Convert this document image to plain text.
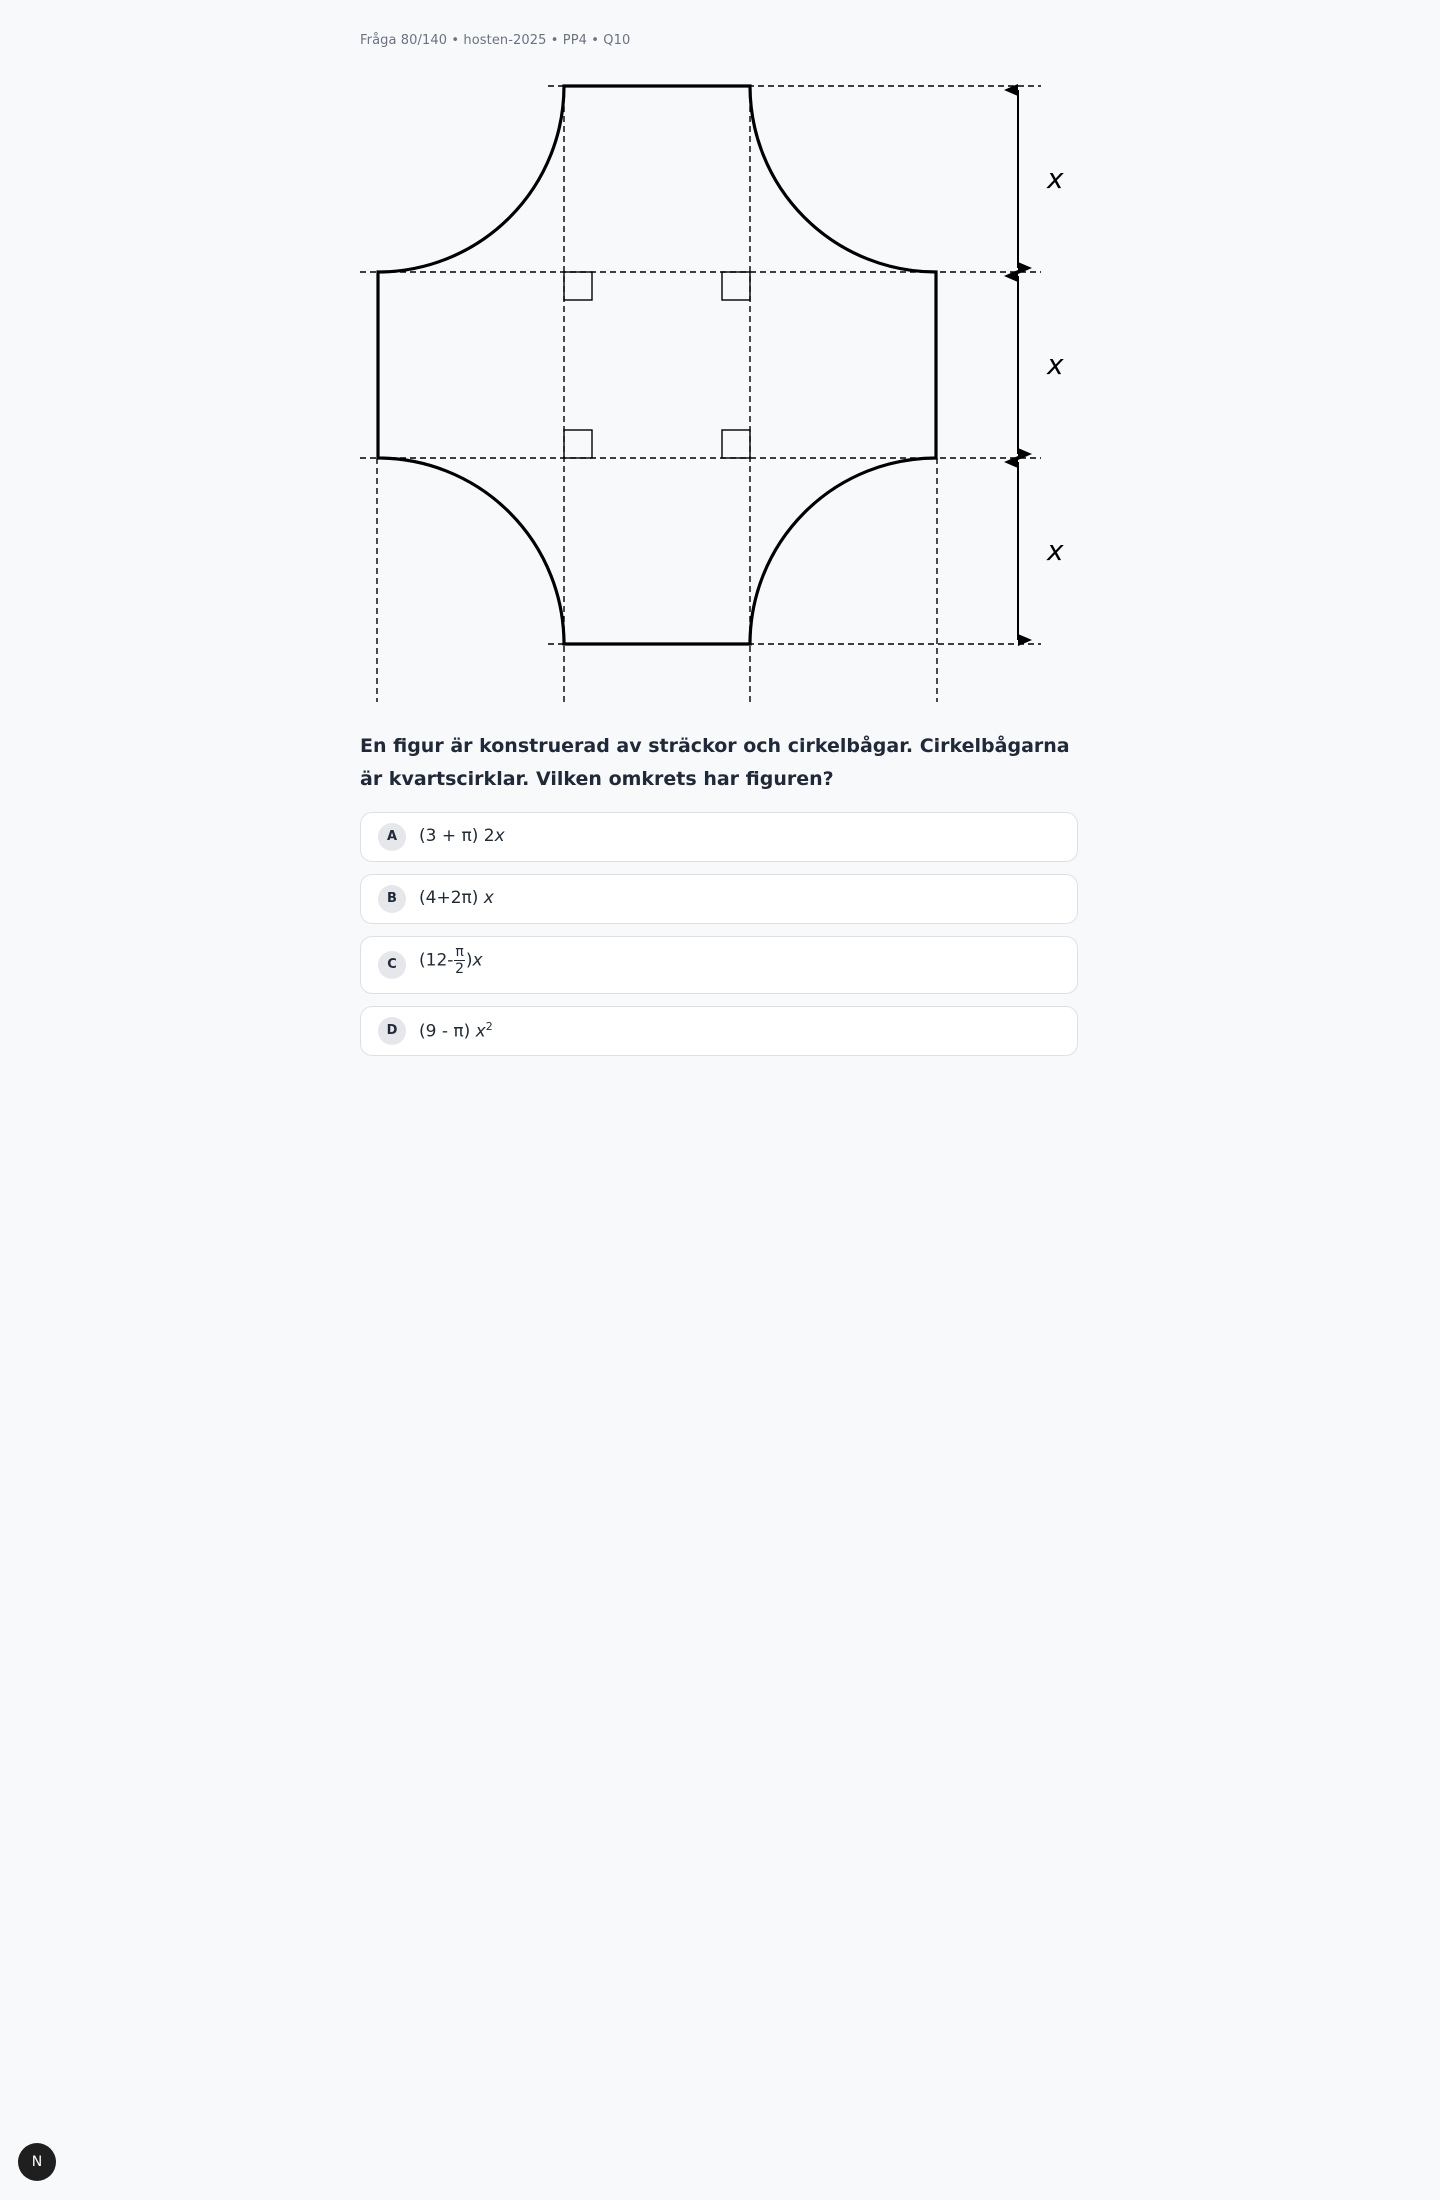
Fråga 80/140 • hosten-2025 • PP4 • Q10
x
x
x
En figur är konstruerad av sträckor och cirkelbågar. Cirkelbågarna är kvartscirklar. Vilken omkrets har figuren?
A	(3 + π) 2x
B	(4+2π) x
C	$(12- \frac{\pi}{2} )x$
D	(9 - π) $x^2$
N
